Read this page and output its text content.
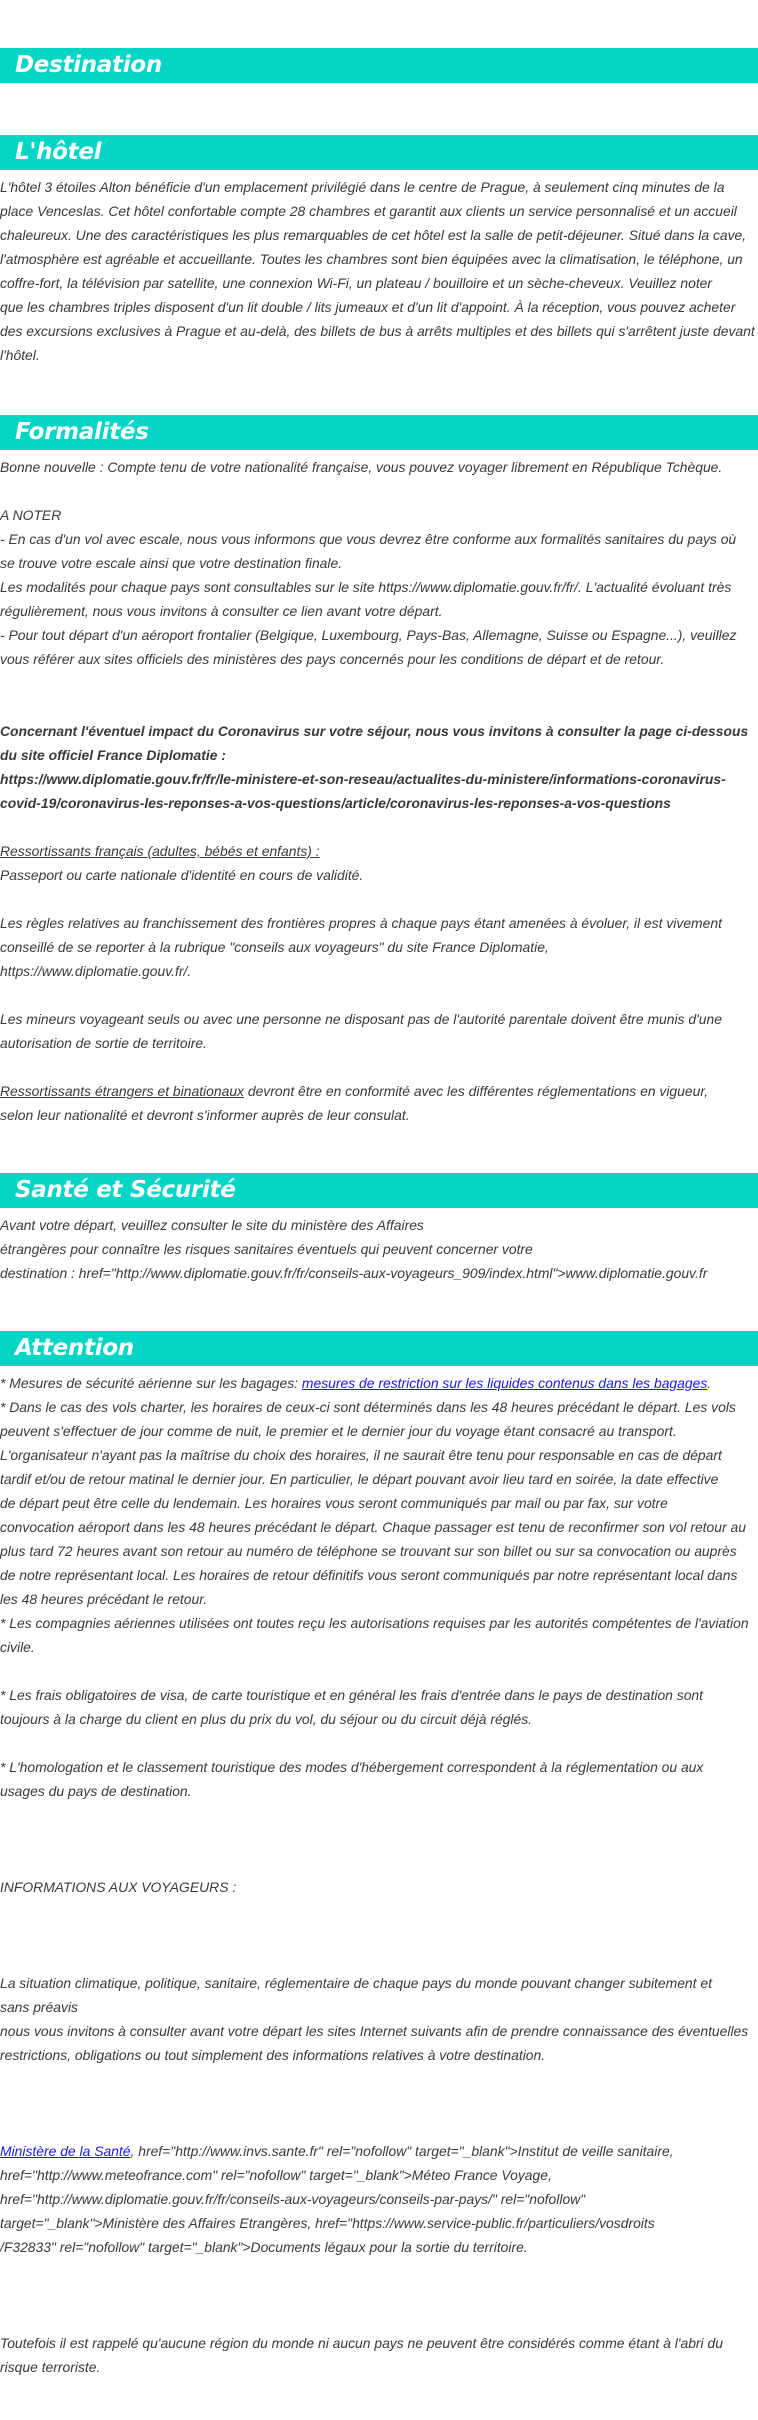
Destination
L'hôtel

L'hôtel 3 étoiles Alton bénéficie d'un emplacement privilégié dans le centre de Prague, à seulement cinq minutes de la

place Venceslas. Cet hôtel confortable compte 28 chambres et garantit aux clients un service personnalisé et un accueil

chaleureux. Une des caractéristiques les plus remarquables de cet hôtel est la salle de petit-déjeuner. Situé dans la cave,

l'atmosphère est agréable et accueillante. Toutes les chambres sont bien équipées avec la climatisation, le téléphone, un

coffre-fort, la télévision par satellite, une connexion Wi-Fi, un plateau / bouilloire et un sèche-cheveux. Veuillez noter

que les chambres triples disposent d'un lit double / lits jumeaux et d'un lit d'appoint. À la réception, vous pouvez acheter

des excursions exclusives à Prague et au-delà, des billets de bus à arrêts multiples et des billets qui s'arrêtent juste devant

l'hôtel.

Formalités

Bonne nouvelle : Compte tenu de votre nationalité française, vous pouvez voyager librement en République Tchèque.

A NOTER

- En cas d'un vol avec escale, nous vous informons que vous devrez être conforme aux formalités sanitaires du pays où

se trouve votre escale ainsi que votre destination finale.

Les modalités pour chaque pays sont consultables sur le site https://www.diplomatie.gouv.fr/fr/. L'actualité évoluant très

régulièrement, nous vous invitons à consulter ce lien avant votre départ.

- Pour tout départ d'un aéroport frontalier (Belgique, Luxembourg, Pays-Bas, Allemagne, Suisse ou Espagne...), veuillez

vous référer aux sites officiels des ministères des pays concernés pour les conditions de départ et de retour.

Concernant l'éventuel impact du Coronavirus sur votre séjour, nous vous invitons à consulter la page ci-dessous

du site officiel France Diplomatie :

https://www.diplomatie.gouv.fr/fr/le-ministere-et-son-reseau/actualites-du-ministere/informations-coronavirus-

covid-19/coronavirus-les-reponses-a-vos-questions/article/coronavirus-les-reponses-a-vos-questions

Ressortissants français (adultes, bébés et enfants) :

Passeport ou carte nationale d'identité en cours de validité.

Les règles relatives au franchissement des frontières propres à chaque pays étant amenées à évoluer, il est vivement

conseillé de se reporter à la rubrique "conseils aux voyageurs" du site France Diplomatie,

https://www.diplomatie.gouv.fr/.

Les mineurs voyageant seuls ou avec une personne ne disposant pas de l'autorité parentale doivent être munis d'une

autorisation de sortie de territoire.

Ressortissants étrangers et binationaux devront être en conformité avec les différentes réglementations en vigueur,

selon leur nationalité et devront s'informer auprès de leur consulat.

Santé et Sécurité

Avant votre départ, veuillez consulter le site du ministère des Affaires

étrangères pour connaître les risques sanitaires éventuels qui peuvent concerner votre

destination : href="http://www.diplomatie.gouv.fr/fr/conseils-aux-voyageurs_909/index.html">www.diplomatie.gouv.fr

Attention

* Mesures de sécurité aérienne sur les bagages: mesures de restriction sur les liquides contenus dans les bagages.

* Dans le cas des vols charter, les horaires de ceux-ci sont déterminés dans les 48 heures précédant le départ. Les vols

peuvent s'effectuer de jour comme de nuit, le premier et le dernier jour du voyage étant consacré au transport.

L'organisateur n'ayant pas la maîtrise du choix des horaires, il ne saurait être tenu pour responsable en cas de départ

tardif et/ou de retour matinal le dernier jour. En particulier, le départ pouvant avoir lieu tard en soirée, la date effective

de départ peut être celle du lendemain. Les horaires vous seront communiqués par mail ou par fax, sur votre

convocation aéroport dans les 48 heures précédant le départ. Chaque passager est tenu de reconfirmer son vol retour au

plus tard 72 heures avant son retour au numéro de téléphone se trouvant sur son billet ou sur sa convocation ou auprès

de notre représentant local. Les horaires de retour définitifs vous seront communiqués par notre représentant local dans

les 48 heures précédant le retour.

* Les compagnies aériennes utilisées ont toutes reçu les autorisations requises par les autorités compétentes de l'aviation

civile.

* Les frais obligatoires de visa, de carte touristique et en général les frais d'entrée dans le pays de destination sont

toujours à la charge du client en plus du prix du vol, du séjour ou du circuit déjà réglés.

* L'homologation et le classement touristique des modes d'hébergement correspondent à la réglementation ou aux

usages du pays de destination.

INFORMATIONS AUX VOYAGEURS :

La situation climatique, politique, sanitaire, réglementaire de chaque pays du monde pouvant changer subitement et

sans préavis

nous vous invitons à consulter avant votre départ les sites Internet suivants afin de prendre connaissance des éventuelles

restrictions, obligations ou tout simplement des informations relatives à votre destination.

Ministère de la Santé, href="http://www.invs.sante.fr" rel="nofollow" target="_blank">Institut de veille sanitaire,

href="http://www.meteofrance.com" rel="nofollow" target="_blank">Méteo France Voyage,

href="http://www.diplomatie.gouv.fr/fr/conseils-aux-voyageurs/conseils-par-pays/" rel="nofollow"

target="_blank">Ministère des Affaires Etrangères, href="https://www.service-public.fr/particuliers/vosdroits

/F32833" rel="nofollow" target="_blank">Documents légaux pour la sortie du territoire.

Toutefois il est rappelé qu'aucune région du monde ni aucun pays ne peuvent être considérés comme étant à l'abri du

risque terroriste.
